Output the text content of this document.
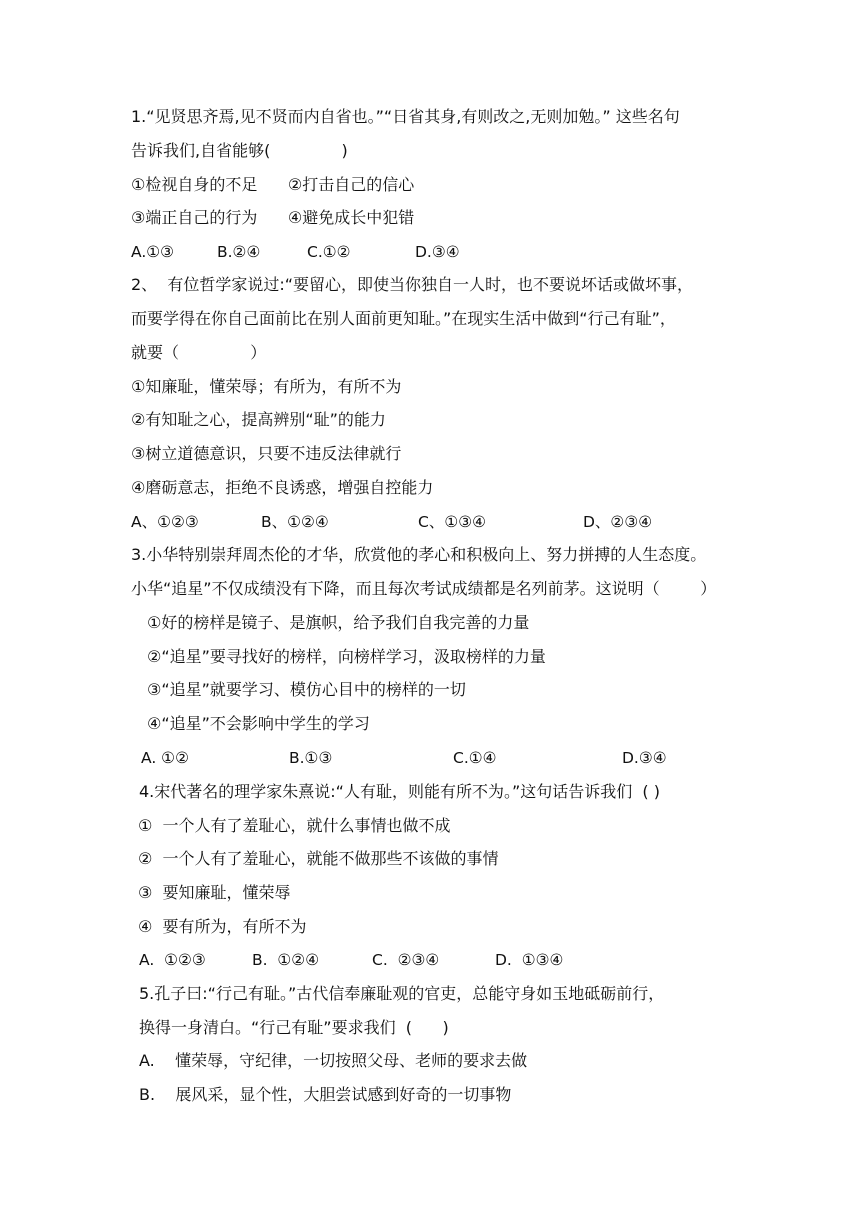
1.“见贤思齐焉,见不贤而内自省也。”“日省其身,有则改之,无则加勉。” 这些名句
告诉我们,自省能够(              )
①检视自身的不足      ②打击自己的信心
③端正自己的行为      ④避免成长中犯错
A.①③	B.②④	C.①②	D.③④
2、  有位哲学家说过:“要留心，即使当你独自一人时，也不要说坏话或做坏事，
而要学得在你自己面前比在别人面前更知耻。”在现实生活中做到“行己有耻”，
就要（              ）
①知廉耻，懂荣辱；有所为，有所不为
②有知耻之心，提高辨别“耻”的能力
③树立道德意识，只要不违反法律就行
④磨砺意志，拒绝不良诱惑，增强自控能力
A、①②③	B、①②④	C、①③④	D、②③④
3.小华特别崇拜周杰伦的才华，欣赏他的孝心和积极向上、努力拼搏的人生态度。
小华“追星”不仅成绩没有下降，而且每次考试成绩都是名列前茅。这说明（        ）
①好的榜样是镜子、是旗帜，给予我们自我完善的力量
②“追星”要寻找好的榜样，向榜样学习，汲取榜样的力量
③“追星”就要学习、模仿心目中的榜样的一切
④“追星”不会影响中学生的学习
A. ①②	B.①③	C.①④	D.③④
4.宋代著名的理学家朱熹说:“人有耻，则能有所不为。”这句话告诉我们  ( )
①  一个人有了羞耻心，就什么事情也做不成
②  一个人有了羞耻心，就能不做那些不该做的事情
③  要知廉耻，懂荣辱
④  要有所为，有所不为
A.  ①②③	B.  ①②④	C.  ②③④	D.  ①③④
5.孔子曰:“行己有耻。”古代信奉廉耻观的官吏，总能守身如玉地砥砺前行，
换得一身清白。“行己有耻”要求我们  (      )
A.    懂荣辱，守纪律，一切按照父母、老师的要求去做
B.    展风采，显个性，大胆尝试感到好奇的一切事物
